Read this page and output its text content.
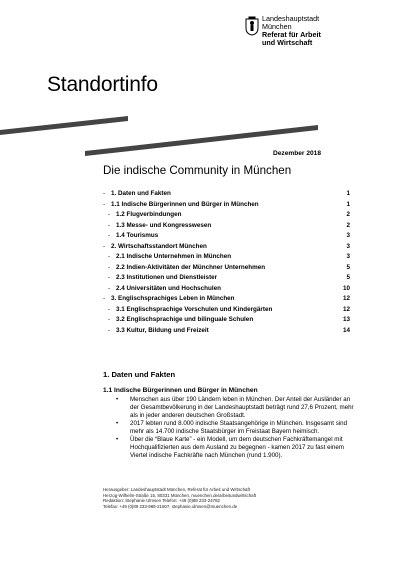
Landeshauptstadt
München
Referat für Arbeit
und Wirtschaft
Standortinfo
Dezember 2018
Die indische Community in München
- 1. Daten und Fakten	1
- 1.1 Indische Bürgerinnen und Bürger in München	1
- 1.2 Flugverbindungen	2
- 1.3 Messe- und Kongresswesen	2
- 1.4 Tourismus	3
- 2. Wirtschaftsstandort München	3
- 2.1 Indische Unternehmen in München	3
- 2.2 Indien-Aktivitäten der Münchner Unternehmen	5
- 2.3 Institutionen und Dienstleister	5
- 2.4 Universitäten und Hochschulen	10
- 3. Englischsprachiges Leben in München	12
- 3.1 Englischsprachige Vorschulen und Kindergärten	12
- 3.2 Englischsprachige und bilinguale Schulen	13
- 3.3 Kultur, Bildung und Freizeit	14
1. Daten und Fakten
1.1 Indische Bürgerinnen und Bürger in München
• Menschen aus über 190 Ländern leben in München. Der Anteil der Ausländer an der Gesamtbevölkerung in der Landeshauptstadt beträgt rund 27,6 Prozent, mehr als in jeder anderen deutschen Großstadt.
• 2017 lebten rund 8.000 indische Staatsangehörige in München. Insgesamt sind mehr als 14.700 indische Staatsbürger im Freistaat Bayern heimisch.
• Über die “Blaue Karte” - ein Modell, um dem deutschen Fachkräftemangel mit Hochqualifizierten aus dem Ausland zu begegnen - kamen 2017 zu fast einem Viertel indische Fachkräfte nach München (rund 1.900).
Herausgeber: Landeshauptstadt München, Referat für Arbeit und Wirtschaft
Herzog-Wilhelm-Straße 15, 80331 München, muenchen.de/arbeitundwirtschaft
Redaktion: Stephanie Ulmsen Telefon: +49 (0)89 233-24782
Telefax: +49 (0)89 233-989-21607, stephanie.ulmsen@muenchen.de
